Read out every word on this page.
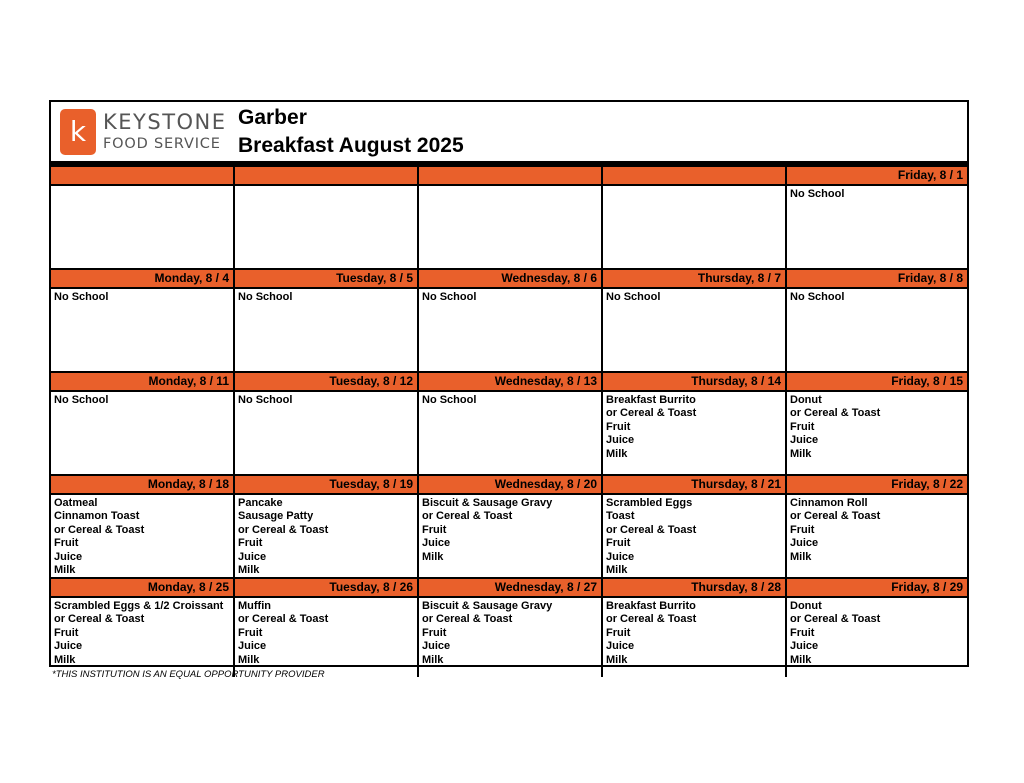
k KEYSTONE
FOOD SERVICE
Garber
Breakfast August 2025
Friday, 8 / 1
No School
Monday, 8 / 4
No School
Tuesday, 8 / 5
No School
Wednesday, 8 / 6
No School
Thursday, 8 / 7
No School
Friday, 8 / 8
No School
Monday, 8 / 11
No School
Tuesday, 8 / 12
No School
Wednesday, 8 / 13
No School
Thursday, 8 / 14
Breakfast Burrito
or Cereal & Toast
Fruit
Juice
Milk
Friday, 8 / 15
Donut
or Cereal & Toast
Fruit
Juice
Milk
Monday, 8 / 18
Oatmeal
Cinnamon Toast
or Cereal & Toast
Fruit
Juice
Milk
Tuesday, 8 / 19
Pancake
Sausage Patty
or Cereal & Toast
Fruit
Juice
Milk
Wednesday, 8 / 20
Biscuit & Sausage Gravy
or Cereal & Toast
Fruit
Juice
Milk
Thursday, 8 / 21
Scrambled Eggs
Toast
or Cereal & Toast
Fruit
Juice
Milk
Friday, 8 / 22
Cinnamon Roll
or Cereal & Toast
Fruit
Juice
Milk
Monday, 8 / 25
Scrambled Eggs & 1/2 Croissant
or Cereal & Toast
Fruit
Juice
Milk
Tuesday, 8 / 26
Muffin
or Cereal & Toast
Fruit
Juice
Milk
Wednesday, 8 / 27
Biscuit & Sausage Gravy
or Cereal & Toast
Fruit
Juice
Milk
Thursday, 8 / 28
Breakfast Burrito
or Cereal & Toast
Fruit
Juice
Milk
Friday, 8 / 29
Donut
or Cereal & Toast
Fruit
Juice
Milk
*THIS INSTITUTION IS AN EQUAL OPPORTUNITY PROVIDER
